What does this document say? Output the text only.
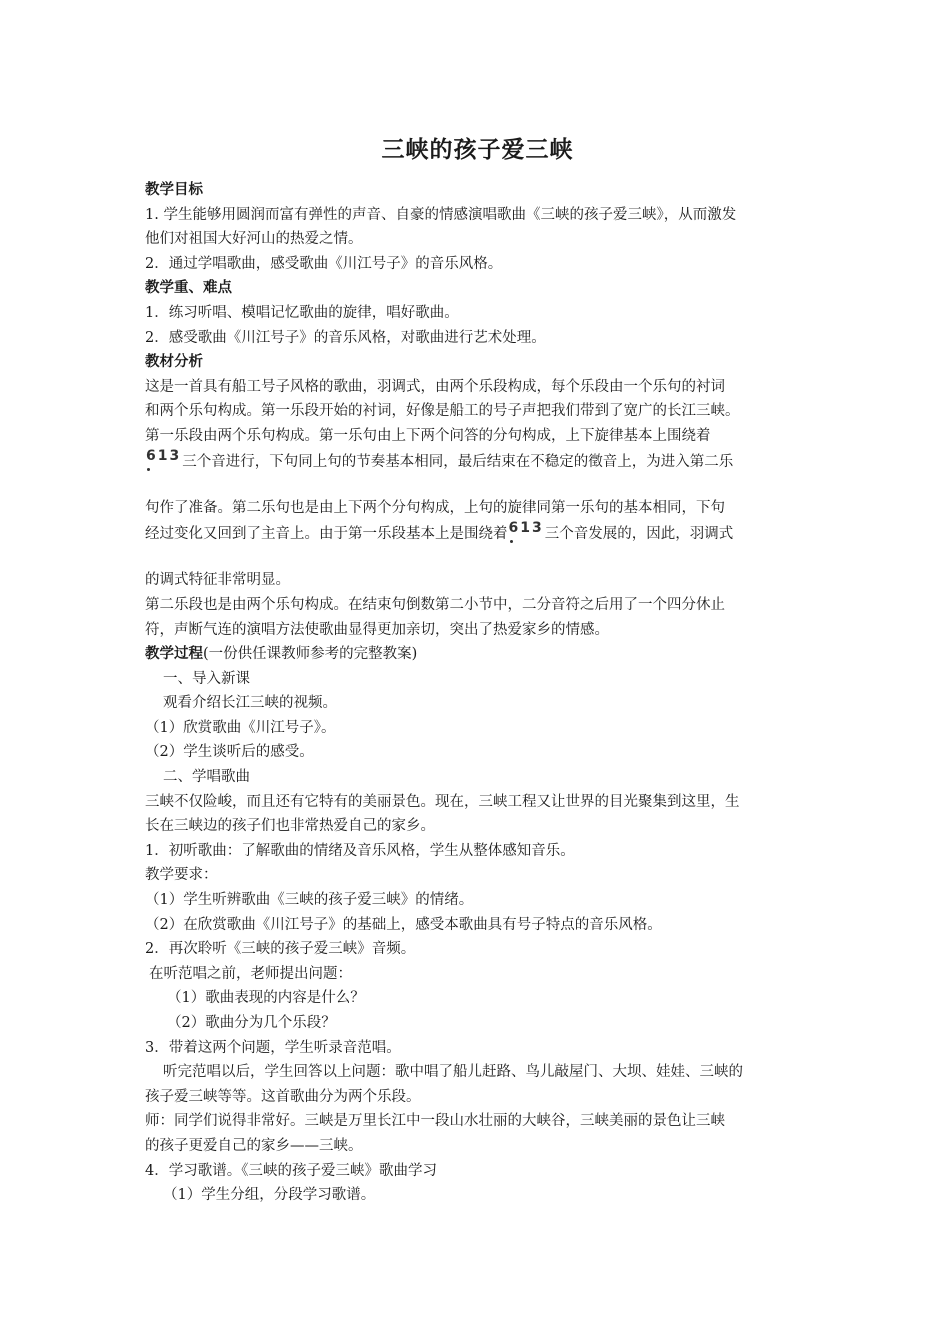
三峡的孩子爱三峡
教学目标
1. 学生能够用圆润而富有弹性的声音、自豪的情感演唱歌曲《三峡的孩子爱三峡》，从而激发
他们对祖国大好河山的热爱之情。
2．通过学唱歌曲，感受歌曲《川江号子》的音乐风格。
教学重、难点
1．练习听唱、模唱记忆歌曲的旋律，唱好歌曲。
2．感受歌曲《川江号子》的音乐风格，对歌曲进行艺术处理。
教材分析
这是一首具有船工号子风格的歌曲，羽调式，由两个乐段构成，每个乐段由一个乐句的衬词
和两个乐句构成。第一乐段开始的衬词，好像是船工的号子声把我们带到了宽广的长江三峡。
第一乐段由两个乐句构成。第一乐句由上下两个问答的分句构成，上下旋律基本上围绕着
613
三个音进行，下句同上句的节奏基本相同，最后结束在不稳定的徵音上，为进入第二乐
句作了准备。第二乐句也是由上下两个分句构成，上句的旋律同第一乐句的基本相同，下句
经过变化又回到了主音上。由于第一乐段基本上是围绕着613
三个音发展的，因此，羽调式
的调式特征非常明显。
第二乐段也是由两个乐句构成。在结束句倒数第二小节中，二分音符之后用了一个四分休止
符，声断气连的演唱方法使歌曲显得更加亲切，突出了热爱家乡的情感。
教学过程(一份供任课教师参考的完整教案)
一、导入新课
观看介绍长江三峡的视频。
（1）欣赏歌曲《川江号子》。
（2）学生谈听后的感受。
二、学唱歌曲
三峡不仅险峻，而且还有它特有的美丽景色。现在，三峡工程又让世界的目光聚集到这里，生
长在三峡边的孩子们也非常热爱自己的家乡。
1．初听歌曲：了解歌曲的情绪及音乐风格，学生从整体感知音乐。
教学要求：
（1）学生听辨歌曲《三峡的孩子爱三峡》的情绪。
（2）在欣赏歌曲《川江号子》的基础上，感受本歌曲具有号子特点的音乐风格。
2．再次聆听《三峡的孩子爱三峡》音频。
在听范唱之前，老师提出问题：
（1）歌曲表现的内容是什么？
（2）歌曲分为几个乐段？
3．带着这两个问题，学生听录音范唱。
听完范唱以后，学生回答以上问题：歌中唱了船儿赶路、鸟儿敲屋门、大坝、娃娃、三峡的
孩子爱三峡等等。这首歌曲分为两个乐段。
师：同学们说得非常好。三峡是万里长江中一段山水壮丽的大峡谷，三峡美丽的景色让三峡
的孩子更爱自己的家乡——三峡。
4．学习歌谱。《三峡的孩子爱三峡》歌曲学习
（1）学生分组，分段学习歌谱。
